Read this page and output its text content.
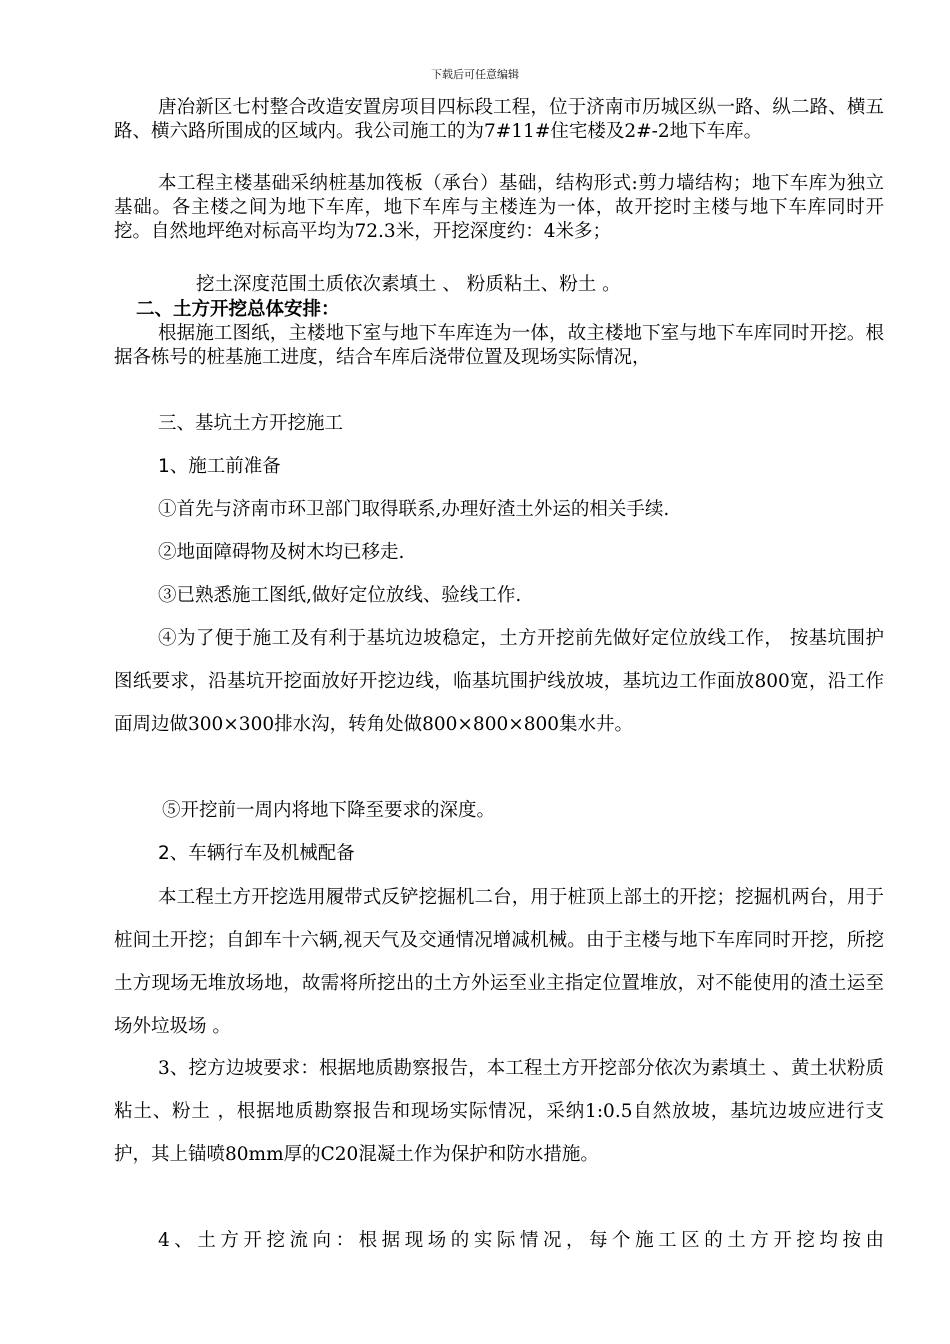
下载后可任意编辑

唐冶新区七村整合改造安置房项目四标段工程，位于济南市历城区纵一路、纵二路、横五路、横六路所围成的区域内。我公司施工的为7#11#住宅楼及2#-2地下车库。

本工程主楼基础采纳桩基加筏板（承台）基础，结构形式:剪力墙结构；地下车库为独立基础。各主楼之间为地下车库，地下车库与主楼连为一体，故开挖时主楼与地下车库同时开挖。自然地坪绝对标高平均为72.3米，开挖深度约：4米多；

挖土深度范围土质依次素填土 、 粉质粘土、粉土 。

二、土方开挖总体安排：

根据施工图纸，主楼地下室与地下车库连为一体，故主楼地下室与地下车库同时开挖。根据各栋号的桩基施工进度，结合车库后浇带位置及现场实际情况，

三、基坑土方开挖施工

1、施工前准备

①首先与济南市环卫部门取得联系,办理好渣土外运的相关手续.

②地面障碍物及树木均已移走.

③已熟悉施工图纸,做好定位放线、验线工作.

④为了便于施工及有利于基坑边坡稳定，土方开挖前先做好定位放线工作， 按基坑围护图纸要求，沿基坑开挖面放好开挖边线，临基坑围护线放坡，基坑边工作面放800宽，沿工作面周边做300×300排水沟，转角处做800×800×800集水井。

⑤开挖前一周内将地下降至要求的深度。

2、车辆行车及机械配备

本工程土方开挖选用履带式反铲挖掘机二台，用于桩顶上部土的开挖；挖掘机两台，用于桩间土开挖；自卸车十六辆,视天气及交通情况增减机械。由于主楼与地下车库同时开挖，所挖土方现场无堆放场地，故需将所挖出的土方外运至业主指定位置堆放，对不能使用的渣土运至场外垃圾场 。

3、挖方边坡要求：根据地质勘察报告，本工程土方开挖部分依次为素填土 、黄土状粉质粘土、粉土 ，根据地质勘察报告和现场实际情况，采纳1:0.5自然放坡，基坑边坡应进行支护，其上锚喷80mm厚的C20混凝土作为保护和防水措施。

4、土方开挖流向：根据现场的实际情况，每个施工区的土方开挖均按由
